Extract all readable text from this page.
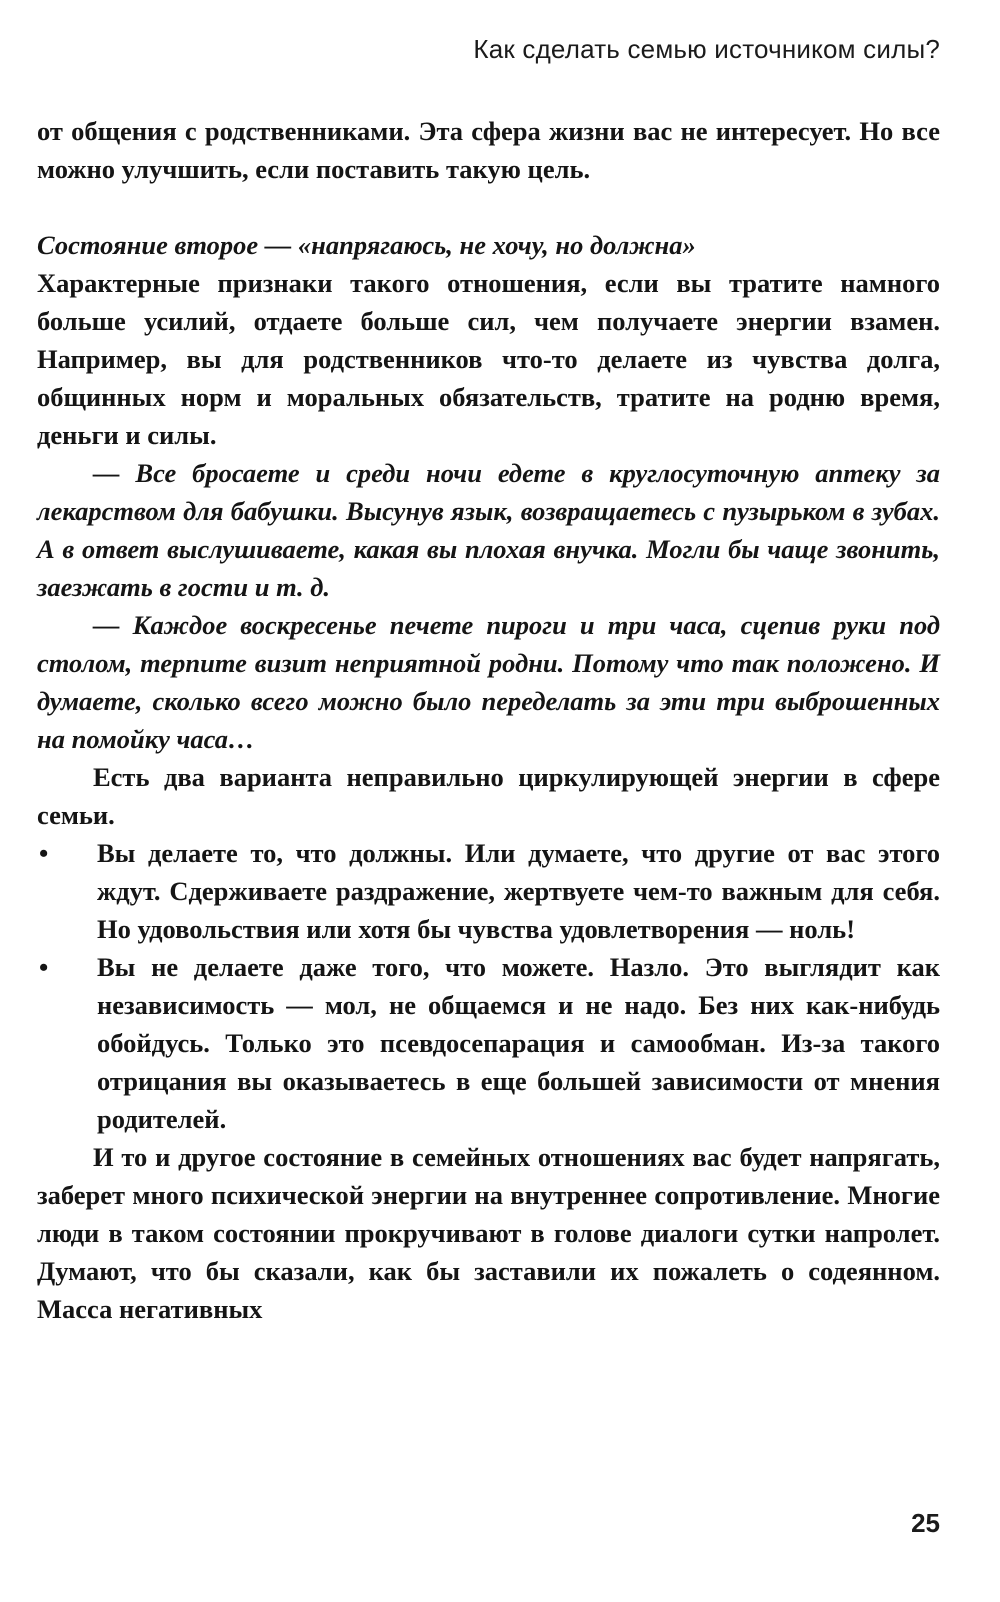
Как сделать семью источником силы?

от общения с родственниками. Эта сфера жизни вас не интересует. Но все можно улучшить, если поставить такую цель.

Состояние второе — «напрягаюсь, не хочу, но должна»

Характерные признаки такого отношения, если вы тратите намного больше усилий, отдаете больше сил, чем получаете энергии взамен. Например, вы для родственников что-то делаете из чувства долга, общинных норм и моральных обязательств, тратите на родню время, деньги и силы.

— Все бросаете и среди ночи едете в круглосуточную аптеку за лекарством для бабушки. Высунув язык, возвращаетесь с пузырьком в зубах. А в ответ выслушиваете, какая вы плохая внучка. Могли бы чаще звонить, заезжать в гости и т. д.

— Каждое воскресенье печете пироги и три часа, сцепив руки под столом, терпите визит неприятной родни. Потому что так положено. И думаете, сколько всего можно было переделать за эти три выброшенных на помойку часа…

Есть два варианта неправильно циркулирующей энергии в сфере семьи.

• Вы делаете то, что должны. Или думаете, что другие от вас этого ждут. Сдерживаете раздражение, жертвуете чем-то важным для себя. Но удовольствия или хотя бы чувства удовлетворения — ноль!
• Вы не делаете даже того, что можете. Назло. Это выглядит как независимость — мол, не общаемся и не надо. Без них как-нибудь обойдусь. Только это псевдосепарация и самообман. Из-за такого отрицания вы оказываетесь в еще большей зависимости от мнения родителей.

И то и другое состояние в семейных отношениях вас будет напрягать, заберет много психической энергии на внутреннее сопротивление. Многие люди в таком состоянии прокручивают в голове диалоги сутки напролет. Думают, что бы сказали, как бы заставили их пожалеть о содеянном. Масса негативных

25
